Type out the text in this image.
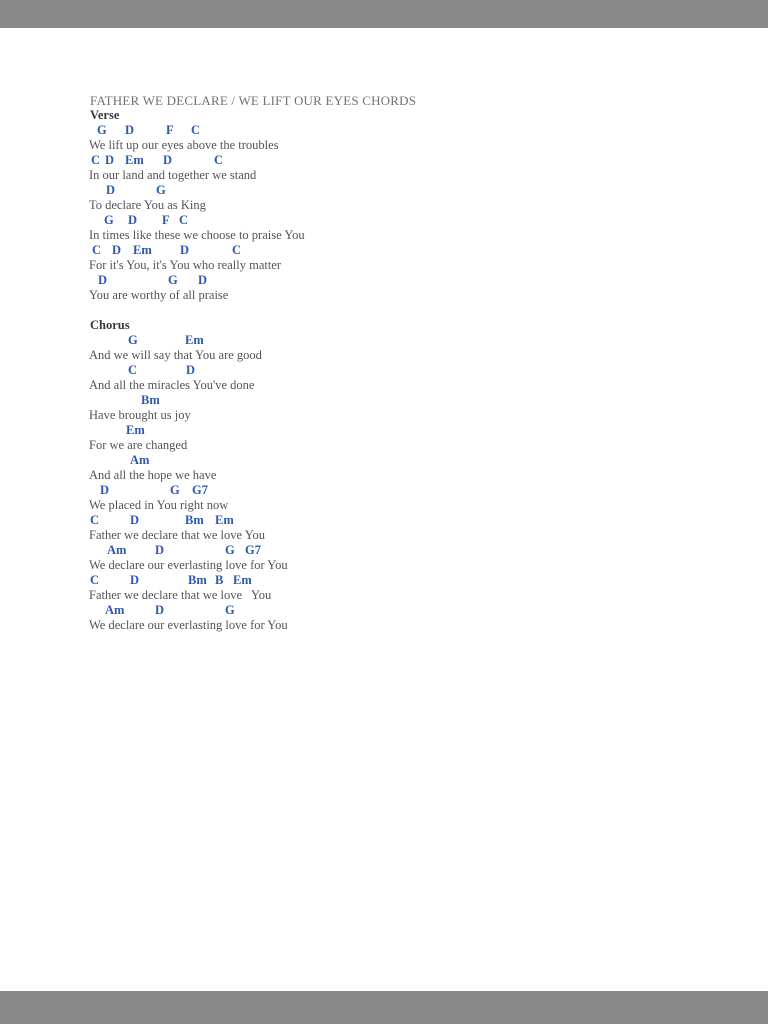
FATHER WE DECLARE / WE LIFT OUR EYES CHORDS
Verse
G D	F C
We lift up our eyes above the troubles
C D Em D	C
In our land and together we stand
D	G
To declare You as King
G D F C
In times like these we choose to praise You
C D Em D	C
For it's You, it's You who really matter
D	G D
You are worthy of all praise
Chorus
G	Em
And we will say that You are good
C	D
And all the miracles You've done
Bm
Have brought us joy
Em
For we are changed
Am
And all the hope we have
D	G G7
We placed in You right now
C D	Bm Em
Father we declare that we love You
Am D	G G7
We declare our everlasting love for You
C D	Bm B Em
Father we declare that we love   You
Am D	G
We declare our everlasting love for You
